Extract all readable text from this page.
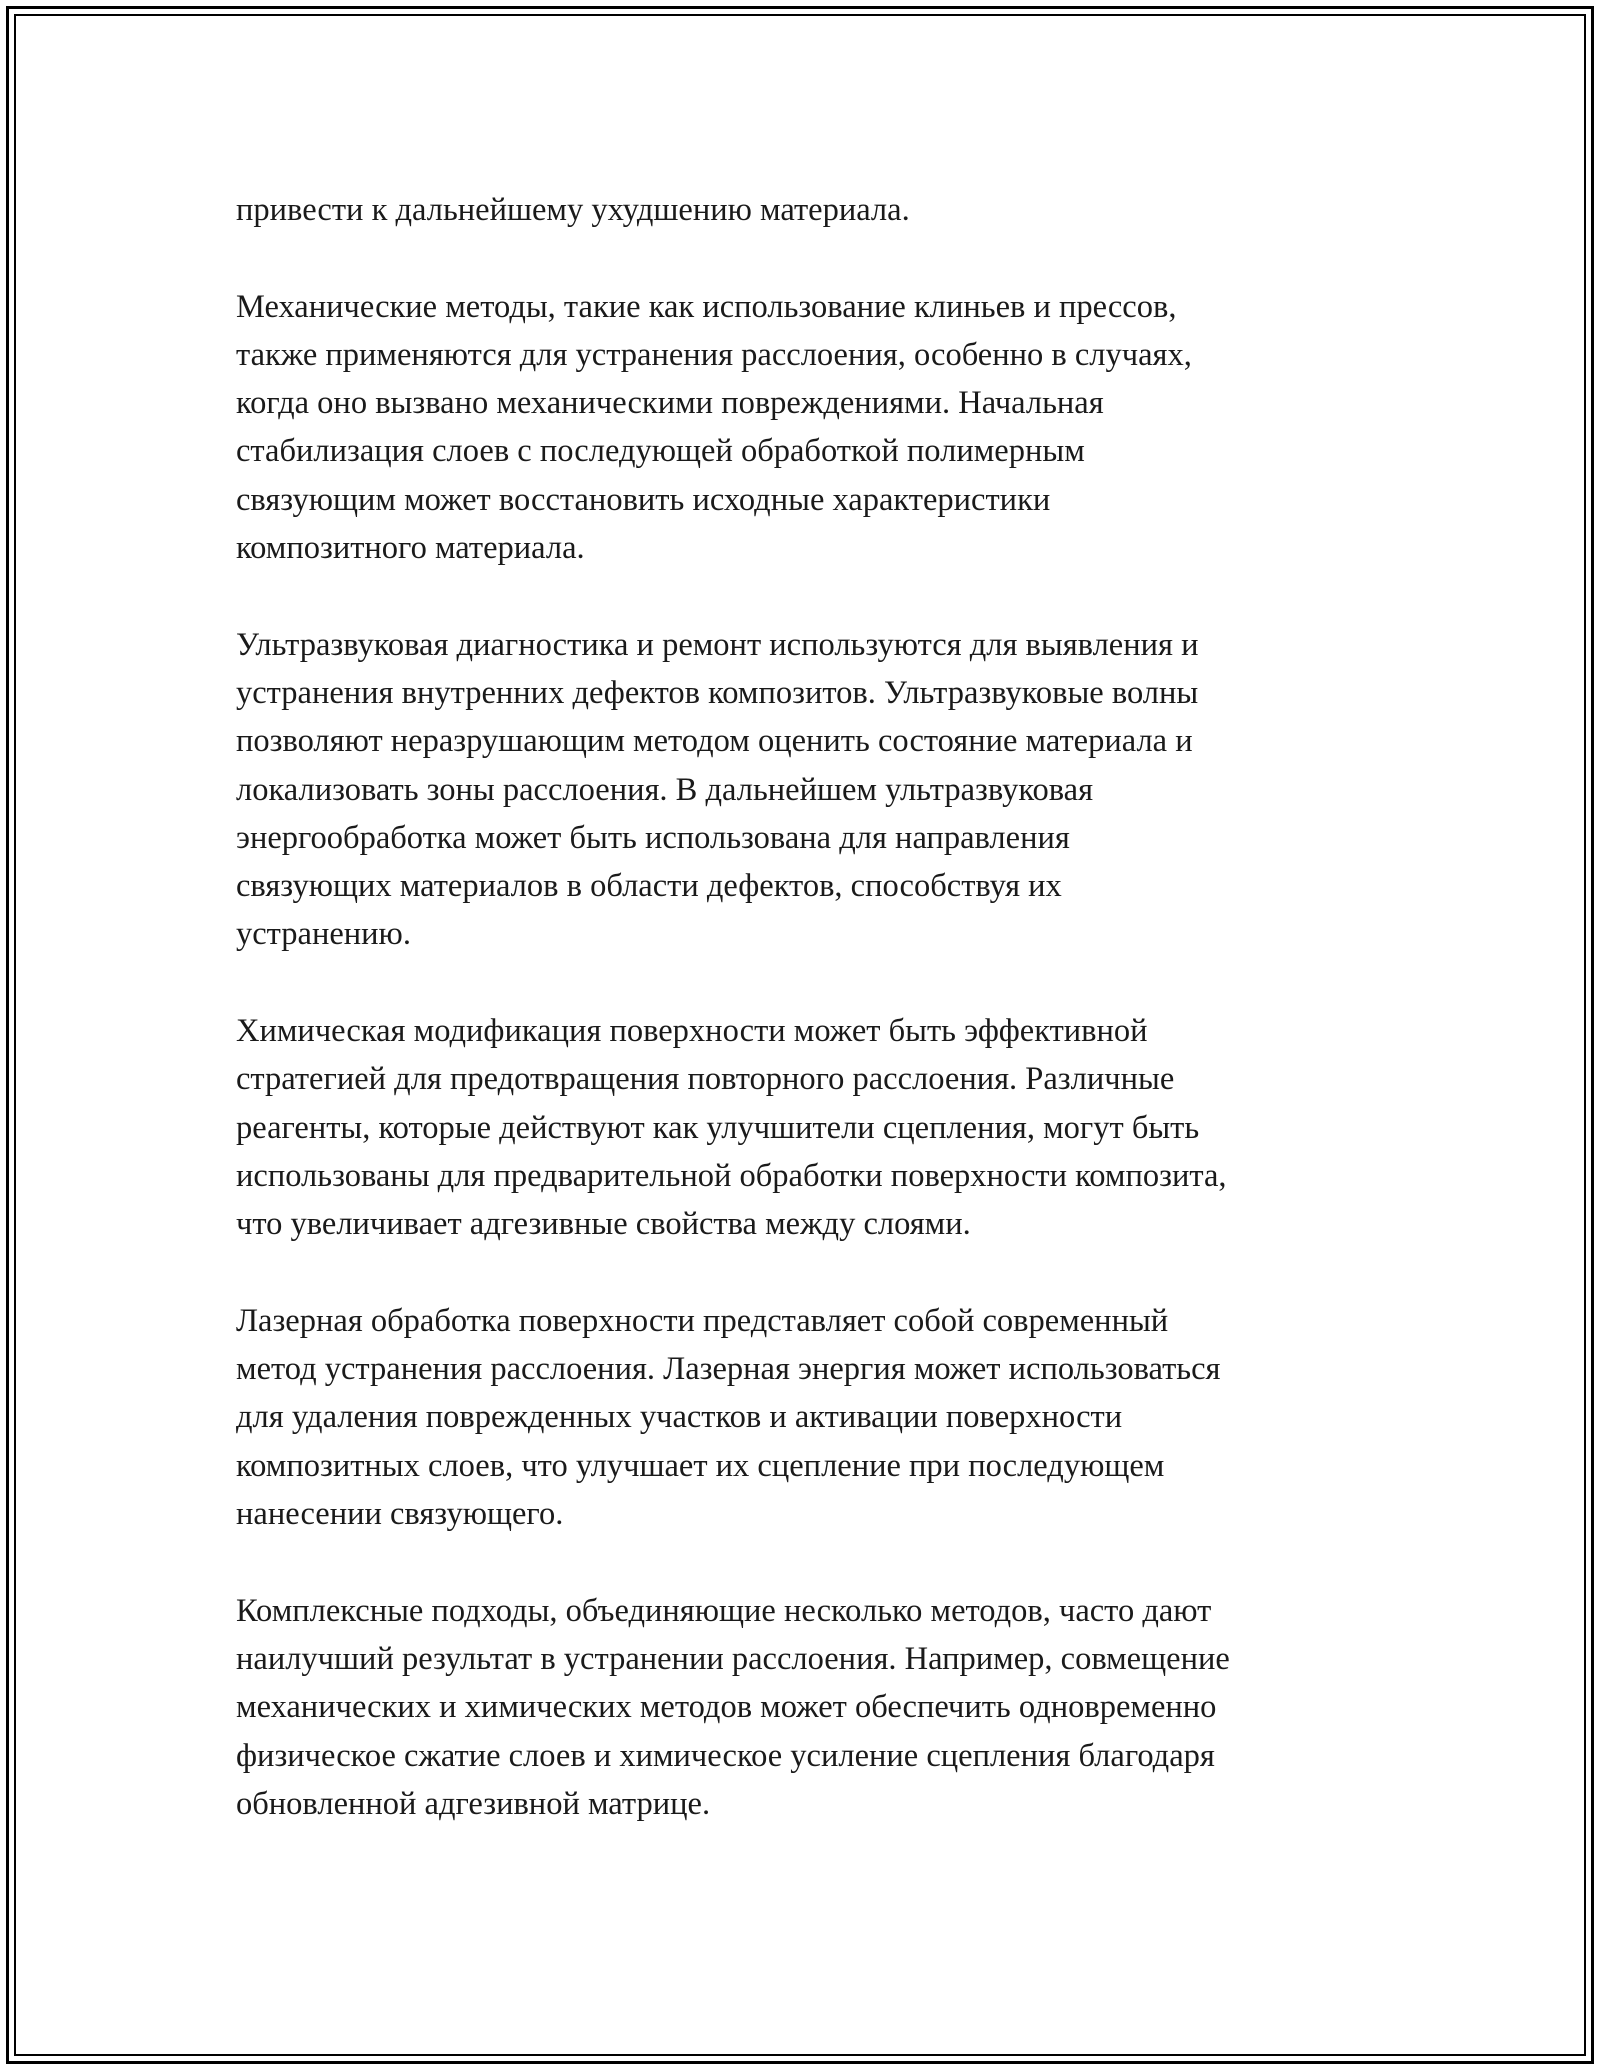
привести к дальнейшему ухудшению материала.

Механические методы, такие как использование клиньев и прессов,
также применяются для устранения расслоения, особенно в случаях,
когда оно вызвано механическими повреждениями. Начальная
стабилизация слоев с последующей обработкой полимерным
связующим может восстановить исходные характеристики
композитного материала.

Ультразвуковая диагностика и ремонт используются для выявления и
устранения внутренних дефектов композитов. Ультразвуковые волны
позволяют неразрушающим методом оценить состояние материала и
локализовать зоны расслоения. В дальнейшем ультразвуковая
энергообработка может быть использована для направления
связующих материалов в области дефектов, способствуя их
устранению.

Химическая модификация поверхности может быть эффективной
стратегией для предотвращения повторного расслоения. Различные
реагенты, которые действуют как улучшители сцепления, могут быть
использованы для предварительной обработки поверхности композита,
что увеличивает адгезивные свойства между слоями.

Лазерная обработка поверхности представляет собой современный
метод устранения расслоения. Лазерная энергия может использоваться
для удаления поврежденных участков и активации поверхности
композитных слоев, что улучшает их сцепление при последующем
нанесении связующего.

Комплексные подходы, объединяющие несколько методов, часто дают
наилучший результат в устранении расслоения. Например, совмещение
механических и химических методов может обеспечить одновременно
физическое сжатие слоев и химическое усиление сцепления благодаря
обновленной адгезивной матрице.
